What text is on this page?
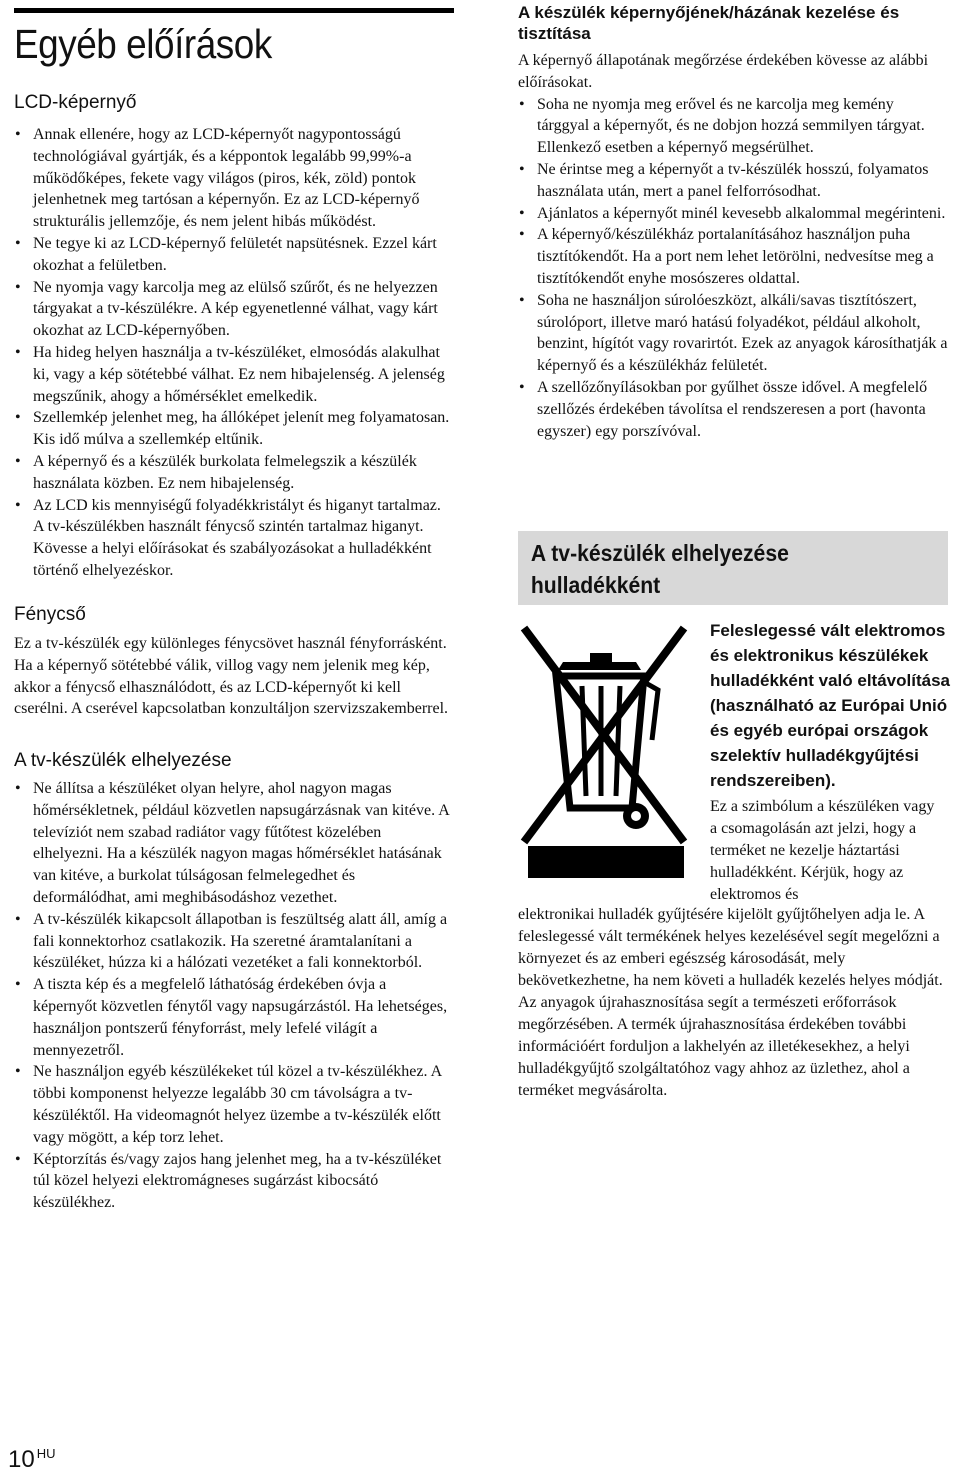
Egyéb előírások
LCD-képernyő
• Annak ellenére, hogy az LCD-képernyőt nagypontosságú technológiával gyártják, és a képpontok legalább 99,99%-a működőképes, fekete vagy világos (piros, kék, zöld) pontok jelenhetnek meg tartósan a képernyőn. Ez az LCD-képernyő strukturális jellemzője, és nem jelent hibás működést.
• Ne tegye ki az LCD-képernyő felületét napsütésnek. Ezzel kárt okozhat a felületben.
• Ne nyomja vagy karcolja meg az elülső szűrőt, és ne helyezzen tárgyakat a tv-készülékre. A kép egyenetlenné válhat, vagy kárt okozhat az LCD-képernyőben.
• Ha hideg helyen használja a tv-készüléket, elmosódás alakulhat ki, vagy a kép sötétebbé válhat. Ez nem hibajelenség. A jelenség megszűnik, ahogy a hőmérséklet emelkedik.
• Szellemkép jelenhet meg, ha állóképet jelenít meg folyamatosan. Kis idő múlva a szellemkép eltűnik.
• A képernyő és a készülék burkolata felmelegszik a készülék használata közben. Ez nem hibajelenség.
• Az LCD kis mennyiségű folyadékkristályt és higanyt tartalmaz. A tv-készülékben használt fénycső szintén tartalmaz higanyt. Kövesse a helyi előírásokat és szabályozásokat a hulladékként történő elhelyezéskor.
Fénycső

Ez a tv-készülék egy különleges fénycsövet használ fényforrásként. Ha a képernyő sötétebbé válik, villog vagy nem jelenik meg kép, akkor a fénycső elhasználódott, és az LCD-képernyőt ki kell cserélni. A cserével kapcsolatban konzultáljon szervizszakemberrel.

A tv-készülék elhelyezése
• Ne állítsa a készüléket olyan helyre, ahol nagyon magas hőmérsékletnek, például közvetlen napsugárzásnak van kitéve. A televíziót nem szabad radiátor vagy fűtőtest közelében elhelyezni. Ha a készülék nagyon magas hőmérséklet hatásának van kitéve, a burkolat túlságosan felmelegedhet és deformálódhat, ami meghibásodáshoz vezethet.
• A tv-készülék kikapcsolt állapotban is feszültség alatt áll, amíg a fali konnektorhoz csatlakozik. Ha szeretné áramtalanítani a készüléket, húzza ki a hálózati vezetéket a fali konnektorból.
• A tiszta kép és a megfelelő láthatóság érdekében óvja a képernyőt közvetlen fénytől vagy napsugárzástól. Ha lehetséges, használjon pontszerű fényforrást, mely lefelé világít a mennyezetről.
• Ne használjon egyéb készülékeket túl közel a tv-készülékhez. A többi komponenst helyezze legalább 30 cm távolságra a tv-készüléktől. Ha videomagnót helyez üzembe a tv-készülék előtt vagy mögött, a kép torz lehet.
• Képtorzítás és/vagy zajos hang jelenhet meg, ha a tv-készüléket túl közel helyezi elektromágneses sugárzást kibocsátó készülékhez.
A készülék képernyőjének/házának kezelése és tisztítása

A képernyő állapotának megőrzése érdekében kövesse az alábbi előírásokat.

• Soha ne nyomja meg erővel és ne karcolja meg kemény tárggyal a képernyőt, és ne dobjon hozzá semmilyen tárgyat. Ellenkező esetben a képernyő megsérülhet.
• Ne érintse meg a képernyőt a tv-készülék hosszú, folyamatos használata után, mert a panel felforrósodhat.
• Ajánlatos a képernyőt minél kevesebb alkalommal megérinteni.
• A képernyő/készülékház portalanításához használjon puha tisztítókendőt. Ha a port nem lehet letörölni, nedvesítse meg a tisztítókendőt enyhe mosószeres oldattal.
• Soha ne használjon súrolóeszközt, alkáli/savas tisztítószert, súrolóport, illetve maró hatású folyadékot, például alkoholt, benzint, hígítót vagy rovarirtót. Ezek az anyagok károsíthatják a képernyő és a készülékház felületét.
• A szellőzőnyílásokban por gyűlhet össze idővel. A megfelelő szellőzés érdekében távolítsa el rendszeresen a port (havonta egyszer) egy porszívóval.
A tv-készülék elhelyezése hulladékként
Feleslegessé vált elektromos és elektronikus készülékek hulladékként való eltávolítása (használható az Európai Unió és egyéb európai országok szelektív hulladékgyűjtési rendszereiben).
Ez a szimbólum a készüléken vagy a csomagolásán azt jelzi, hogy a terméket ne kezelje háztartási hulladékként. Kérjük, hogy az elektromos és
elektronikai hulladék gyűjtésére kijelölt gyűjtőhelyen adja le. A feleslegessé vált termékének helyes kezelésével segít megelőzni a környezet és az emberi egészség károsodását, mely bekövetkezhetne, ha nem követi a hulladék kezelés helyes módját. Az anyagok újrahasznosítása segít a természeti erőforrások megőrzésében. A termék újrahasznosítása érdekében további információért forduljon a lakhelyén az illetékesekhez, a helyi hulladékgyűjtő szolgáltatóhoz vagy ahhoz az üzlethez, ahol a terméket megvásárolta.
10 $^{HU}$
